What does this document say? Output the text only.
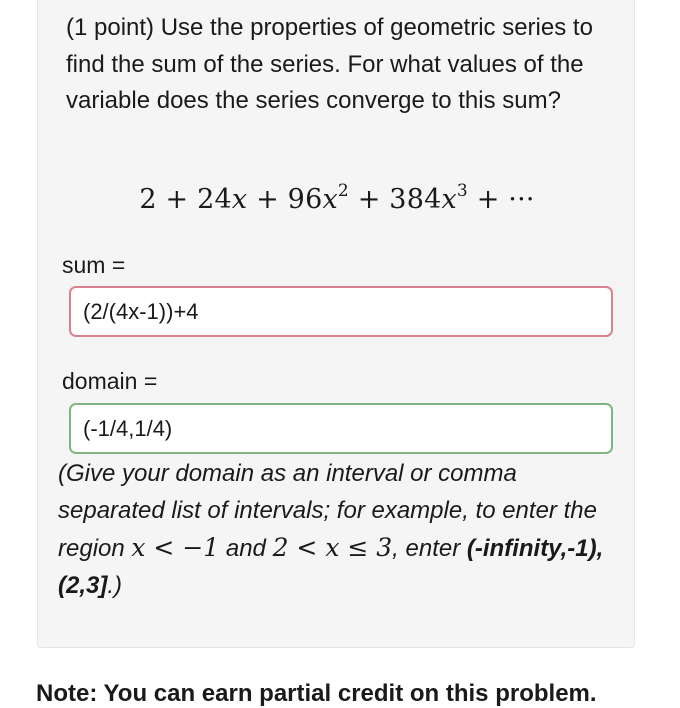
(1 point) Use the properties of geometric series to find the sum of the series. For what values of the variable does the series converge to this sum?

$2 + 24x + 96x^2 + 384x^3$ + ···
sum =
(2/(4x-1))+4
domain =
(-1/4,1/4)
(Give your domain as an interval or comma separated list of intervals; for example, to enter the region x < −1 and 2 < x ≤ 3, enter (-infinity,-1), (2,3].)
Note: You can earn partial credit on this problem.
